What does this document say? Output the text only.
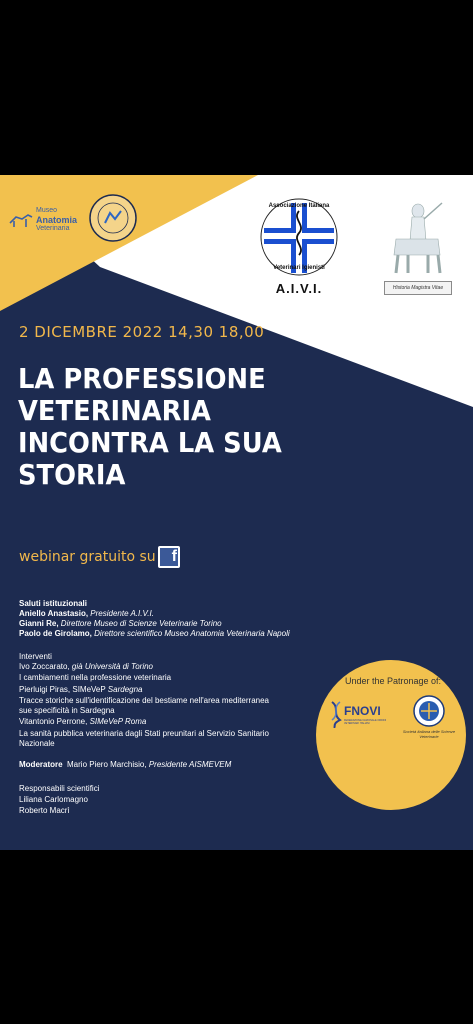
Museo
Anatomia
Veterinaria
Associazione Italiana
Veterinari Igienisti
A.I.V.I.	Historia Magistra Vitae
2 DICEMBRE 2022 14,30 18,00
LA PROFESSIONE
VETERINARIA
INCONTRA LA SUA
STORIA
webinar gratuito su	f
Saluti istituzionali
Aniello Anastasio, Presidente A.I.V.I.
Gianni Re, Direttore Museo di Scienze Veterinarie Torino
Paolo de Girolamo, Direttore scientifico Museo Anatomia Veterinaria Napoli
Interventi
Ivo Zoccarato, già Università di Torino
I cambiamenti nella professione veterinaria
Pierluigi Piras, SIMeVeP Sardegna
Tracce storiche sull'identificazione del bestiame nell'area mediterranea
sue specificità in Sardegna
Vitantonio Perrone, SIMeVeP Roma
La sanità pubblica veterinaria dagli Stati preunitari al Servizio Sanitario
Nazionale
Moderatore Mario Piero Marchisio, Presidente AISMEVEM
Responsabili scientifici
Liliana Carlomagno
Roberto Macrì
Under the Patronage of:
FNOVI
FEDERAZIONE NAZIONALE ORDINI VETERINARI ITALIANI
Società Italiana delle Scienze Veterinarie
